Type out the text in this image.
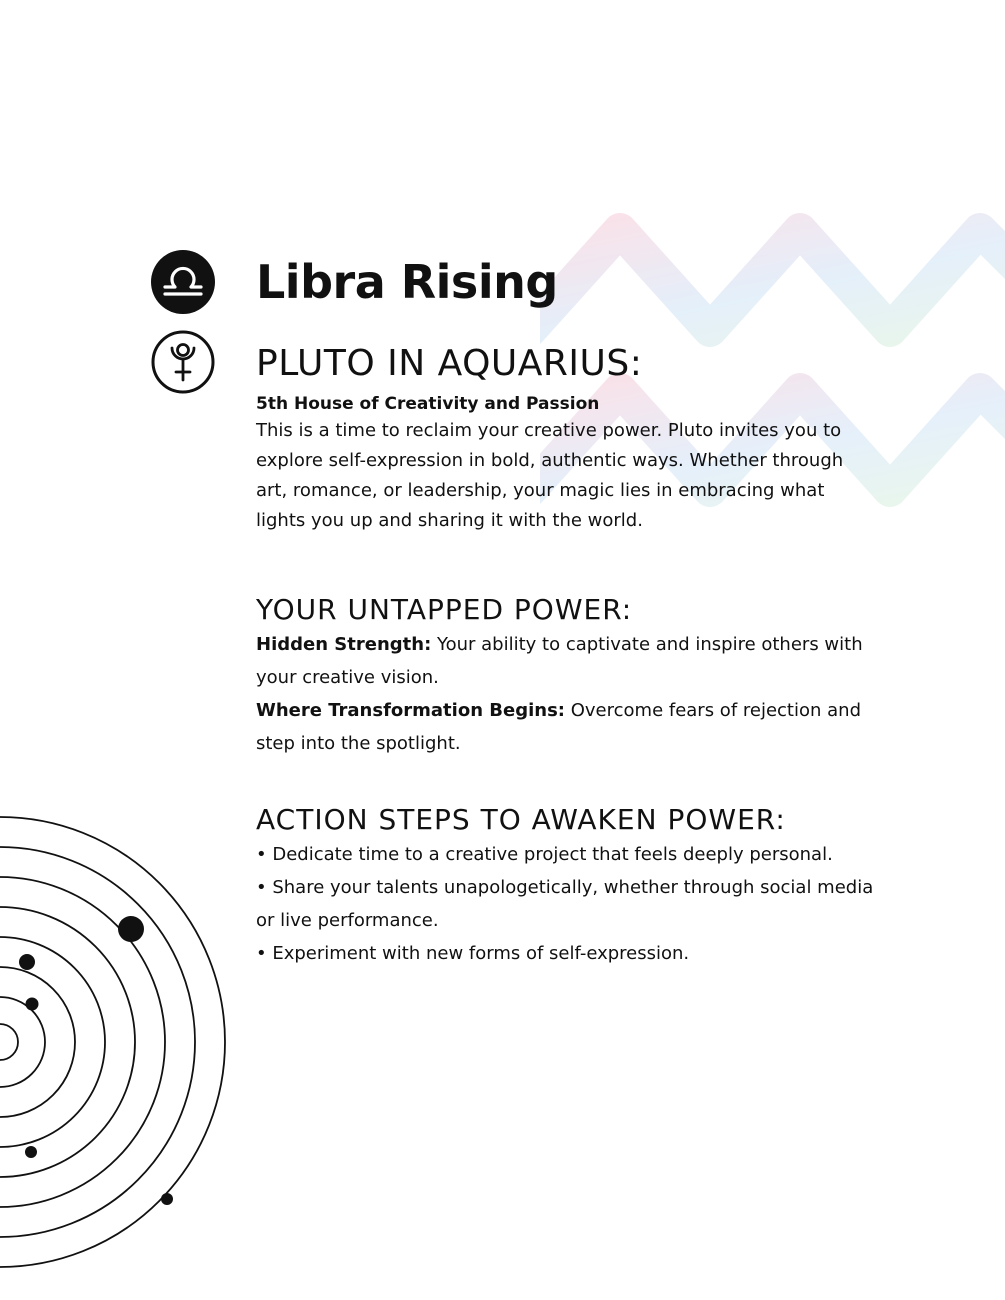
Libra Rising
PLUTO IN AQUARIUS:
5th House of Creativity and Passion

This is a time to reclaim your creative power. Pluto invites you to explore self-expression in bold, authentic ways. Whether through art, romance, or leadership, your magic lies in embracing what lights you up and sharing it with the world.

YOUR UNTAPPED POWER:

Hidden Strength: Your ability to captivate and inspire others with your creative vision.

Where Transformation Begins: Overcome fears of rejection and step into the spotlight.

ACTION STEPS TO AWAKEN POWER:

• Dedicate time to a creative project that feels deeply personal.

• Share your talents unapologetically, whether through social media or live performance.

• Experiment with new forms of self-expression.
